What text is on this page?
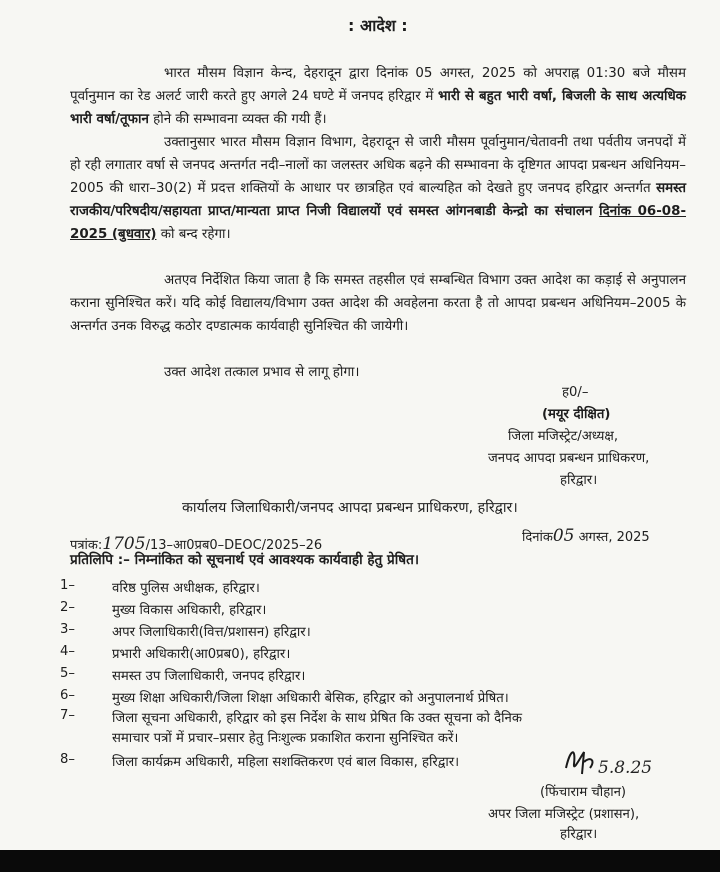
: आदेश :
भारत मौसम विज्ञान केन्द, देहरादून द्वारा दिनांक 05 अगस्त, 2025 को अपराह्न 01:30 बजे मौसम पूर्वानुमान का रेड अलर्ट जारी करते हुए अगले 24 घण्टे में जनपद हरिद्वार में भारी से बहुत भारी वर्षा, बिजली के साथ अत्यधिक भारी वर्षा/तूफान होने की सम्भावना व्यक्त की गयी हैं।
उक्तानुसार भारत मौसम विज्ञान विभाग, देहरादून से जारी मौसम पूर्वानुमान/चेतावनी तथा पर्वतीय जनपदों में हो रही लगातार वर्षा से जनपद अन्तर्गत नदी–नालों का जलस्तर अधिक बढ़ने की सम्भावना के दृष्टिगत आपदा प्रबन्धन अधिनियम–2005 की धारा–30(2) में प्रदत्त शक्तियों के आधार पर छात्रहित एवं बाल्यहित को देखते हुए जनपद हरिद्वार अन्तर्गत समस्त राजकीय/परिषदीय/सहायता प्राप्त/मान्यता प्राप्त निजी विद्यालयों एवं समस्त आंगनबाडी केन्द्रो का संचालन दिनांक 06-08-2025 (बुधवार) को बन्द रहेगा।
अतएव निर्देशित किया जाता है कि समस्त तहसील एवं सम्बन्धित विभाग उक्त आदेश का कड़ाई से अनुपालन कराना सुनिश्चित करें। यदि कोई विद्यालय/विभाग उक्त आदेश की अवहेलना करता है तो आपदा प्रबन्धन अधिनियम–2005 के अन्तर्गत उनक विरुद्ध कठोर दण्डात्मक कार्यवाही सुनिश्चित की जायेगी।
उक्त आदेश तत्काल प्रभाव से लागू होगा।
ह0/–
(मयूर दीक्षित)
जिला मजिस्ट्रेट/अध्यक्ष,
जनपद आपदा प्रबन्धन प्राधिकरण,
हरिद्वार।
कार्यालय जिलाधिकारी/जनपद आपदा प्रबन्धन प्राधिकरण, हरिद्वार।
पत्रांक:1705/13–आ0प्रब0–DEOC/2025–26
दिनांक05 अगस्त, 2025
प्रतिलिपि :– निम्नांकित को सूचनार्थ एवं आवश्यक कार्यवाही हेतु प्रेषित।
1–	वरिष्ठ पुलिस अधीक्षक, हरिद्वार।
2–	मुख्य विकास अधिकारी, हरिद्वार।
3–	अपर जिलाधिकारी(वित्त/प्रशासन) हरिद्वार।
4–	प्रभारी अधिकारी(आ0प्रब0), हरिद्वार।
5–	समस्त उप जिलाधिकारी, जनपद हरिद्वार।
6–	मुख्य शिक्षा अधिकारी/जिला शिक्षा अधिकारी बेसिक, हरिद्वार को अनुपालनार्थ प्रेषित।
7–	जिला सूचना अधिकारी, हरिद्वार को इस निर्देश के साथ प्रेषित कि उक्त सूचना को दैनिक
समाचार पत्रों में प्रचार–प्रसार हेतु निःशुल्क प्रकाशित कराना सुनिश्चित करें।
8–	जिला कार्यक्रम अधिकारी, महिला सशक्तिकरण एवं बाल विकास, हरिद्वार।	5.8.25
(फिंचाराम चौहान)
अपर जिला मजिस्ट्रेट (प्रशासन),
हरिद्वार।
